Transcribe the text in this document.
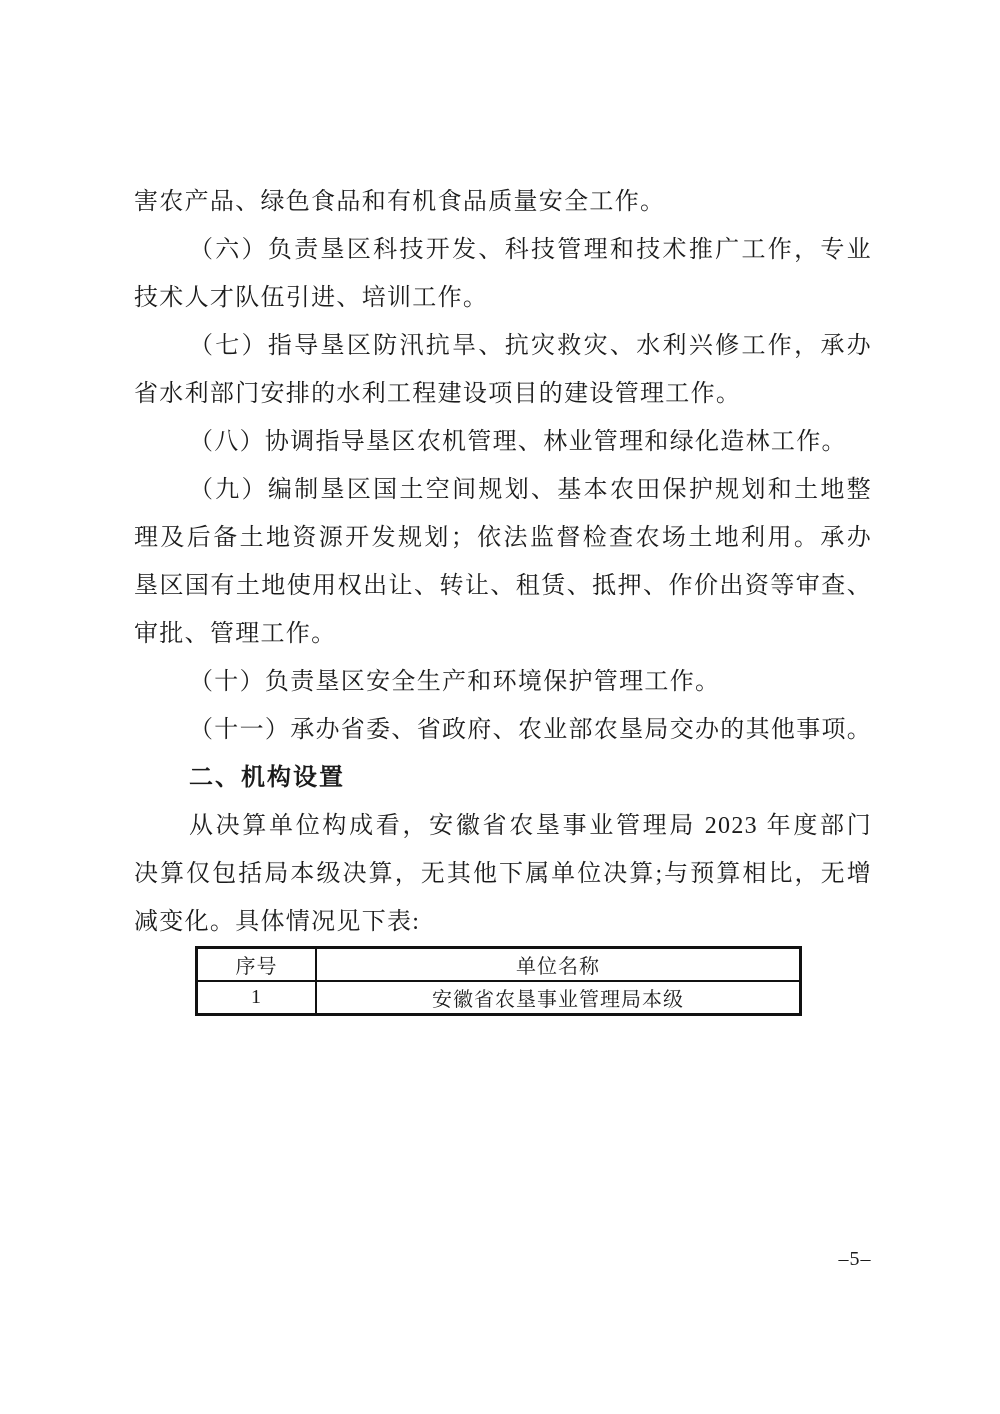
害农产品、绿色食品和有机食品质量安全工作。
（六）负责垦区科技开发、科技管理和技术推广工作，专业
技术人才队伍引进、培训工作。
（七）指导垦区防汛抗旱、抗灾救灾、水利兴修工作，承办
省水利部门安排的水利工程建设项目的建设管理工作。
（八）协调指导垦区农机管理、林业管理和绿化造林工作。
（九）编制垦区国土空间规划、基本农田保护规划和土地整
理及后备土地资源开发规划；依法监督检查农场土地利用。承办
垦区国有土地使用权出让、转让、租赁、抵押、作价出资等审查、
审批、管理工作。
（十）负责垦区安全生产和环境保护管理工作。
（十一）承办省委、省政府、农业部农垦局交办的其他事项。
二、机构设置
从决算单位构成看，安徽省农垦事业管理局 2023 年度部门
决算仅包括局本级决算，无其他下属单位决算;与预算相比，无增
减变化。具体情况见下表:
序号	单位名称
1	安徽省农垦事业管理局本级
–5–
